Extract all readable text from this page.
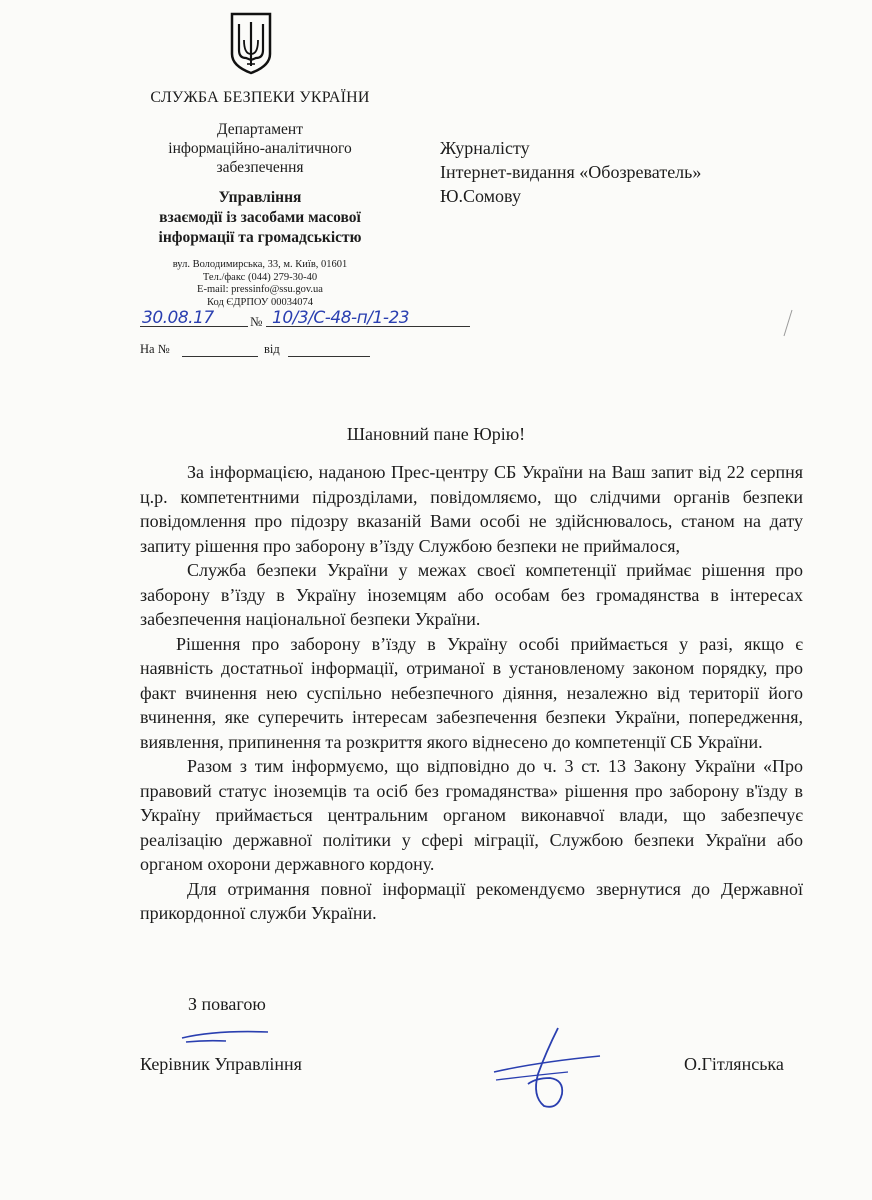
СЛУЖБА БЕЗПЕКИ УКРАЇНИ
Департамент
інформаційно-аналітичного
забезпечення
Управління
взаємодії із засобами масової
інформації та громадськістю
вул. Володимирська, 33, м. Київ, 01601
Тел./факс (044) 279-30-40
E-mail: pressinfo@ssu.gov.ua
Код ЄДРПОУ 00034074
30.08.17	№ 10/3/С-48-п/1-23
На №	від
Журналісту
Інтернет-видання «Обозреватель»
Ю.Сомову
Шановний пане Юрію!

За інформацією, наданою Прес-центру СБ України на Ваш запит від 22 серпня ц.р. компетентними підрозділами, повідомляємо, що слідчими органів безпеки повідомлення про підозру вказаній Вами особі не здійснювалось, станом на дату запиту рішення про заборону в’їзду Службою безпеки не приймалося,

Служба безпеки України у межах своєї компетенції приймає рішення про заборону в’їзду в Україну іноземцям або особам без громадянства в інтересах забезпечення національної безпеки України.

Рішення про заборону в’їзду в Україну особі приймається у разі, якщо є наявність достатньої інформації, отриманої в установленому законом порядку, про факт вчинення нею суспільно небезпечного діяння, незалежно від території його вчинення, яке суперечить інтересам забезпечення безпеки України, попередження, виявлення, припинення та розкриття якого віднесено до компетенції СБ України.

Разом з тим інформуємо, що відповідно до ч. 3 ст. 13 Закону України «Про правовий статус іноземців та осіб без громадянства» рішення про заборону в'їзду в Україну приймається центральним органом виконавчої влади, що забезпечує реалізацію державної політики у сфері міграції, Службою безпеки України або органом охорони державного кордону.

Для отримання повної інформації рекомендуємо звернутися до Державної прикордонної служби України.

З повагою
Керівник Управління	О.Гітлянська
